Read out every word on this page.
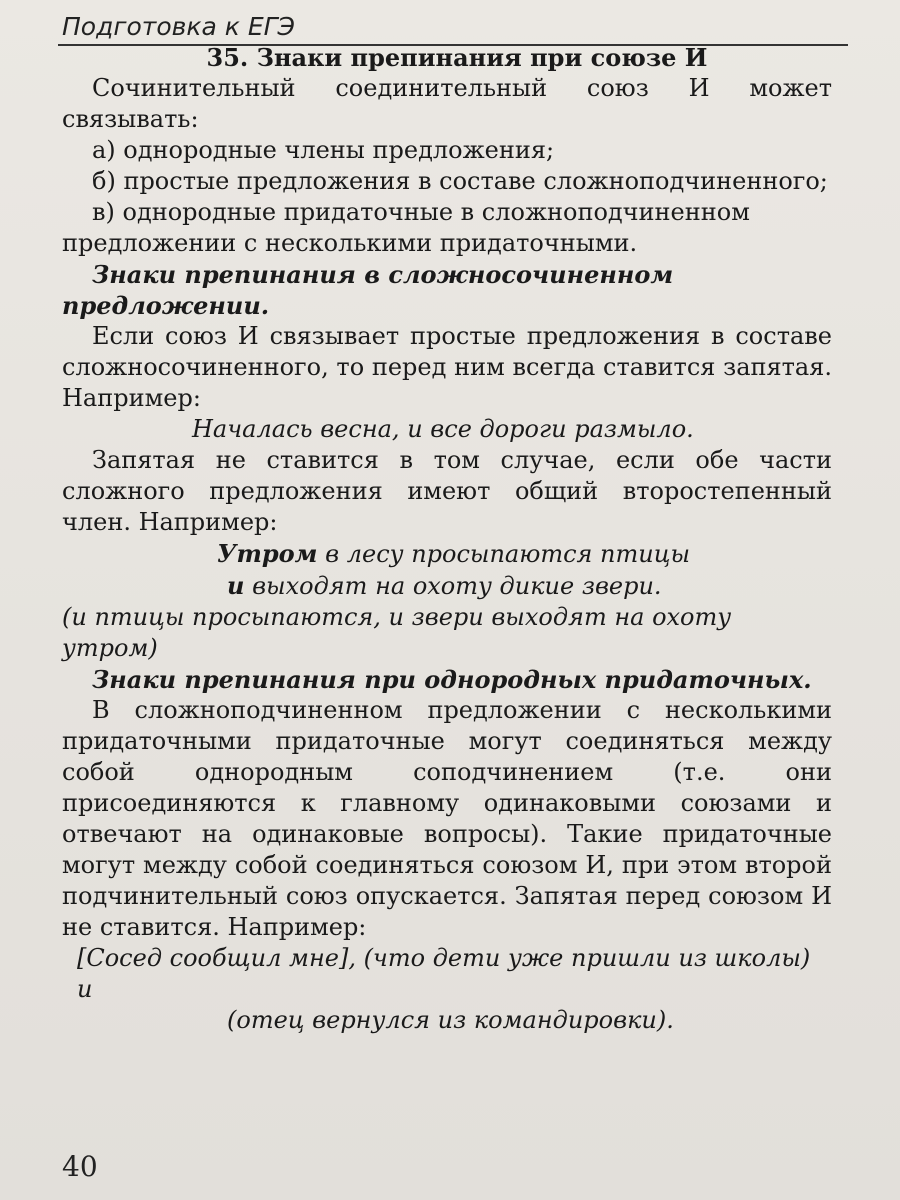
Подготовка к ЕГЭ

35. Знаки препинания при союзе И

Сочинительный соединительный союз И может связывать:

а) однородные члены предложения;

б) простые предложения в составе сложноподчиненного;

в) однородные придаточные в сложноподчиненном предложении с несколькими придаточными.

Знаки препинания в сложносочиненном предложении.

Если союз И связывает простые предложения в составе сложносочиненного, то перед ним всегда ставится запятая. Например:

Началась весна, и все дороги размыло.

Запятая не ставится в том случае, если обе части сложного предложения имеют общий второстепенный член. Например:

Утром в лесу просыпаются птицы

и выходят на охоту дикие звери.

(и птицы просыпаются, и звери выходят на охоту утром)

Знаки препинания при однородных придаточных.

В сложноподчиненном предложении с несколькими придаточными придаточные могут соединяться между собой однородным соподчинением (т.е. они присоединяются к главному одинаковыми союзами и отвечают на одинаковые вопросы). Такие придаточные могут между собой соединяться союзом И, при этом второй подчинительный союз опускается. Запятая перед союзом И не ставится. Например:

[Сосед сообщил мне], (что дети уже пришли из школы) и

(отец вернулся из командировки).

40
